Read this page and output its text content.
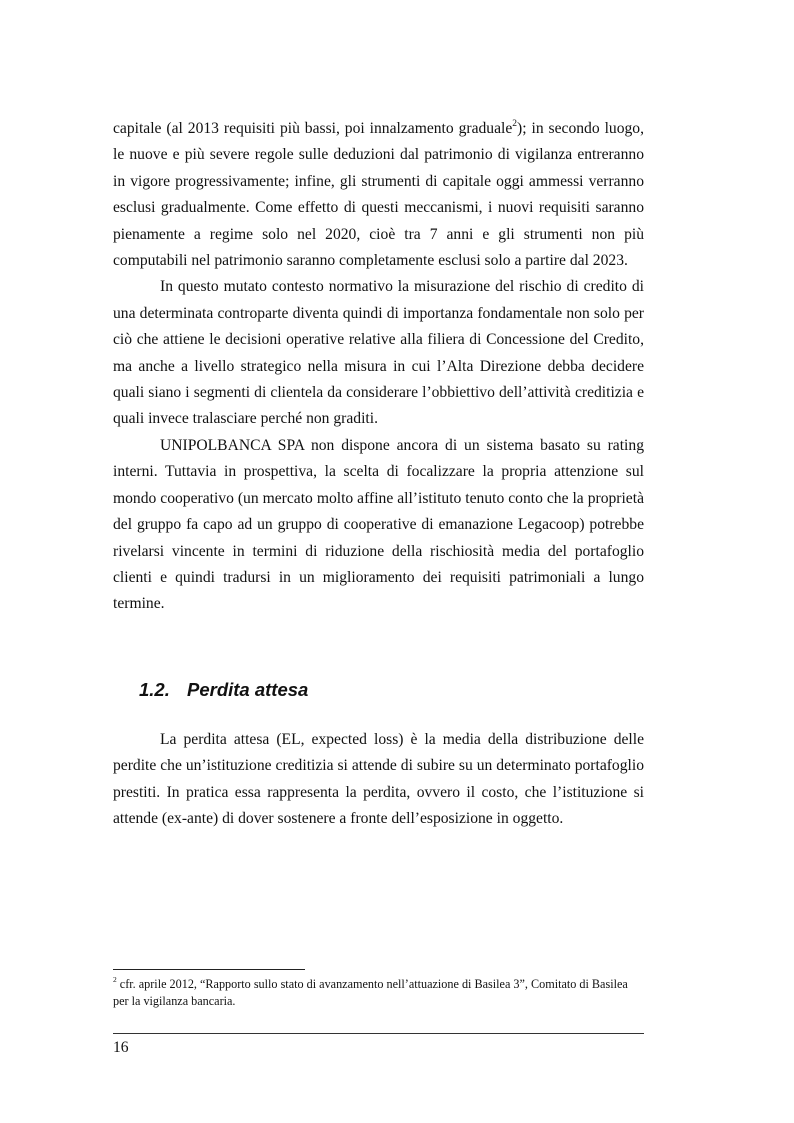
capitale (al 2013 requisiti più bassi, poi innalzamento graduale$^2$); in secondo luogo, le nuove e più severe regole sulle deduzioni dal patrimonio di vigilanza entreranno in vigore progressivamente; infine, gli strumenti di capitale oggi ammessi verranno esclusi gradualmente. Come effetto di questi meccanismi, i nuovi requisiti saranno pienamente a regime solo nel 2020, cioè tra 7 anni e gli strumenti non più computabili nel patrimonio saranno completamente esclusi solo a partire dal 2023.

In questo mutato contesto normativo la misurazione del rischio di credito di una determinata controparte diventa quindi di importanza fondamentale non solo per ciò che attiene le decisioni operative relative alla filiera di Concessione del Credito, ma anche a livello strategico nella misura in cui l’Alta Direzione debba decidere quali siano i segmenti di clientela da considerare l’obbiettivo dell’attività creditizia e quali invece tralasciare perché non graditi.

UNIPOLBANCA SPA non dispone ancora di un sistema basato su rating interni. Tuttavia in prospettiva, la scelta di focalizzare la propria attenzione sul mondo cooperativo (un mercato molto affine all’istituto tenuto conto che la proprietà del gruppo fa capo ad un gruppo di cooperative di emanazione Legacoop) potrebbe rivelarsi vincente in termini di riduzione della rischiosità media del portafoglio clienti e quindi tradursi in un miglioramento dei requisiti patrimoniali a lungo termine.

1.2. Perdita attesa

La perdita attesa (EL, expected loss) è la media della distribuzione delle perdite che un’istituzione creditizia si attende di subire su un determinato portafoglio prestiti. In pratica essa rappresenta la perdita, ovvero il costo, che l’istituzione si attende (ex-ante) di dover sostenere a fronte dell’esposizione in oggetto.

$^2$ cfr. aprile 2012, “Rapporto sullo stato di avanzamento nell’attuazione di Basilea 3”, Comitato di Basilea per la vigilanza bancaria.

16
